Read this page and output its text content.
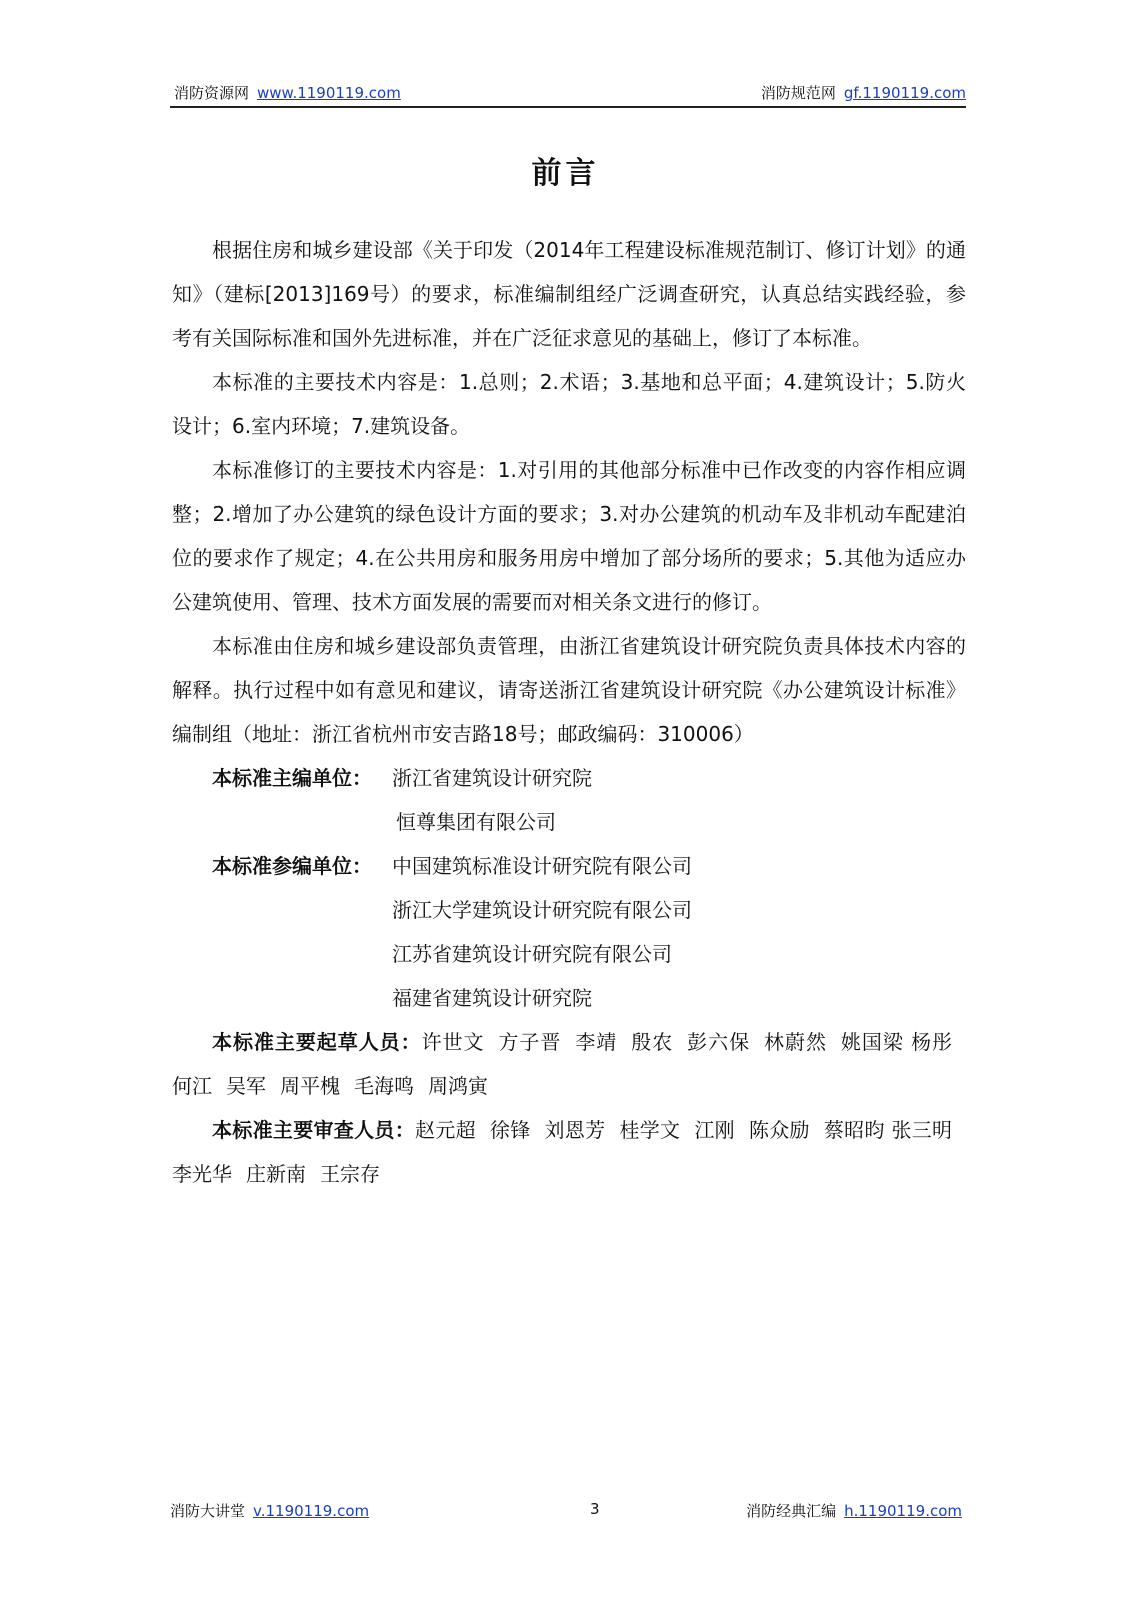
消防资源网 www.1190119.com	消防规范网 gf.1190119.com
前言

根据住房和城乡建设部《关于印发（2014年工程建设标准规范制订、修订计划》的通知》（建标[2013]169号）的要求，标准编制组经广泛调查研究，认真总结实践经验，参考有关国际标准和国外先进标准，并在广泛征求意见的基础上，修订了本标准。

本标准的主要技术内容是：1.总则；2.术语；3.基地和总平面；4.建筑设计；5.防火设计；6.室内环境；7.建筑设备。

本标准修订的主要技术内容是：1.对引用的其他部分标准中已作改变的内容作相应调整；2.增加了办公建筑的绿色设计方面的要求；3.对办公建筑的机动车及非机动车配建泊位的要求作了规定；4.在公共用房和服务用房中增加了部分场所的要求；5.其他为适应办公建筑使用、管理、技术方面发展的需要而对相关条文进行的修订。

本标准由住房和城乡建设部负责管理，由浙江省建筑设计研究院负责具体技术内容的解释。执行过程中如有意见和建议，请寄送浙江省建筑设计研究院《办公建筑设计标准》编制组（地址：浙江省杭州市安吉路18号；邮政编码：310006）

本标准主编单位：	浙江省建筑设计研究院
恒尊集团有限公司
本标准参编单位：	中国建筑标准设计研究院有限公司
浙江大学建筑设计研究院有限公司
江苏省建筑设计研究院有限公司
福建省建筑设计研究院

本标准主要起草人员：许世文 方子晋 李靖 殷农 彭六保 林蔚然 姚国梁 杨彤何江 吴军 周平槐 毛海鸣 周鸿寅

本标准主要审查人员：赵元超 徐锋 刘恩芳 桂学文 江刚 陈众励 蔡昭昀 张三明李光华 庄新南 王宗存

消防大讲堂 v.1190119.com	3	消防经典汇编 h.1190119.com
